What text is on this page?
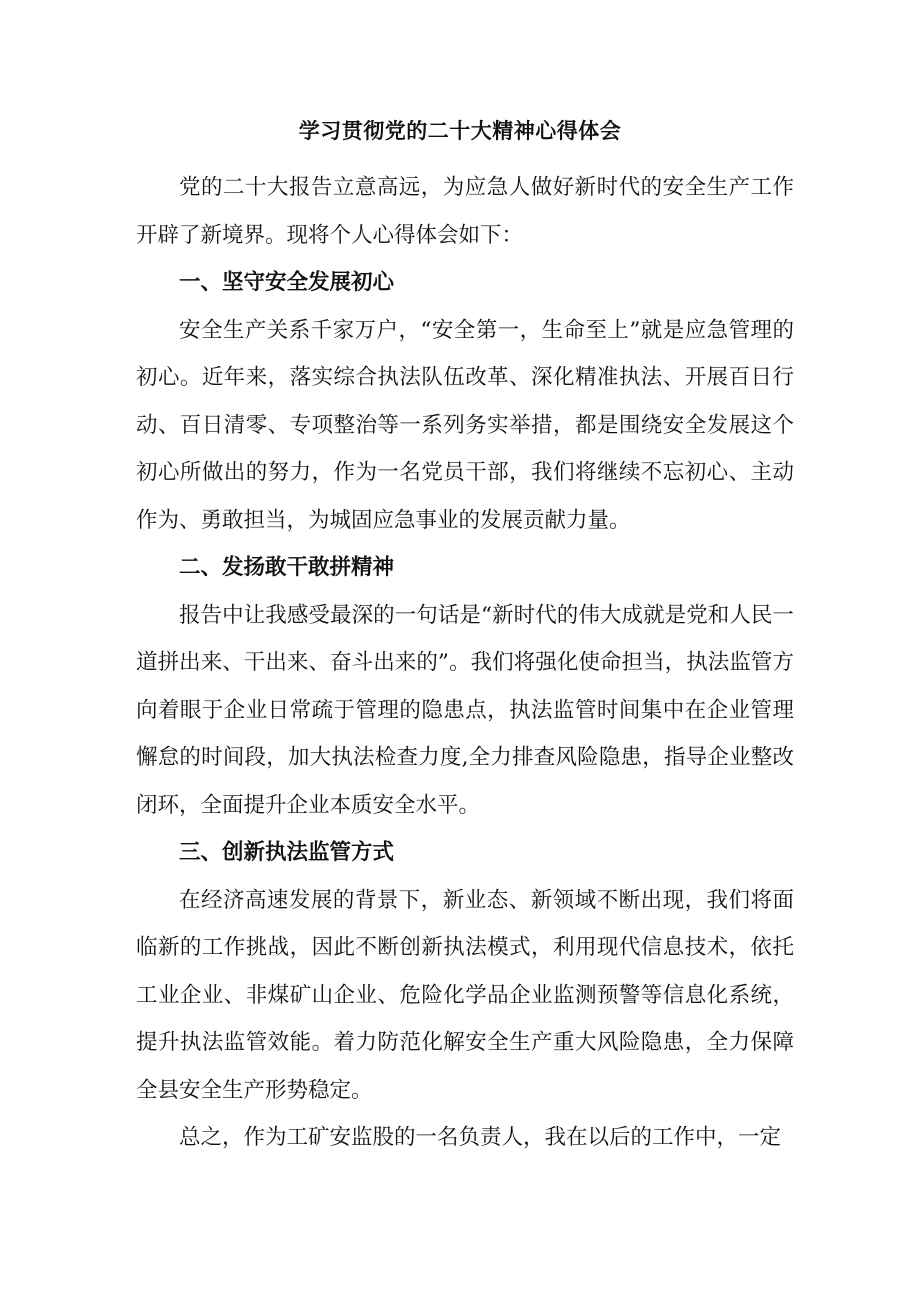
学习贯彻党的二十大精神心得体会

党的二十大报告立意高远，为应急人做好新时代的安全生产工作开辟了新境界。现将个人心得体会如下：

一、坚守安全发展初心

安全生产关系千家万户，“安全第一，生命至上”就是应急管理的初心。近年来，落实综合执法队伍改革、深化精准执法、开展百日行动、百日清零、专项整治等一系列务实举措，都是围绕安全发展这个初心所做出的努力，作为一名党员干部，我们将继续不忘初心、主动作为、勇敢担当，为城固应急事业的发展贡献力量。

二、发扬敢干敢拼精神

报告中让我感受最深的一句话是“新时代的伟大成就是党和人民一道拼出来、干出来、奋斗出来的”。我们将强化使命担当，执法监管方向着眼于企业日常疏于管理的隐患点，执法监管时间集中在企业管理懈怠的时间段，加大执法检查力度,全力排查风险隐患，指导企业整改闭环，全面提升企业本质安全水平。

三、创新执法监管方式

在经济高速发展的背景下，新业态、新领域不断出现，我们将面临新的工作挑战，因此不断创新执法模式，利用现代信息技术，依托工业企业、非煤矿山企业、危险化学品企业监测预警等信息化系统，提升执法监管效能。着力防范化解安全生产重大风险隐患，全力保障全县安全生产形势稳定。

总之，作为工矿安监股的一名负责人，我在以后的工作中，一定
